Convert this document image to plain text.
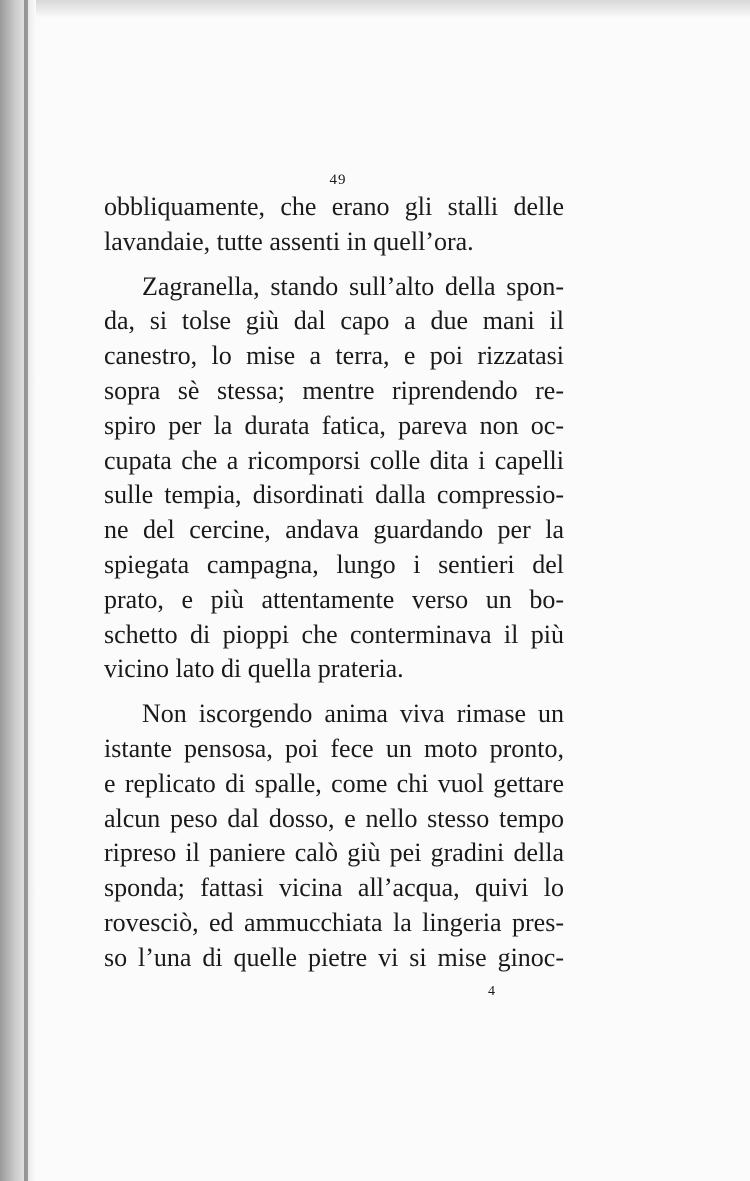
49
obbliquamente, che erano gli stalli delle
lavandaie, tutte assenti in quell’ora.
Zagranella, stando sull’alto della spon-
da, si tolse giù dal capo a due mani il
canestro, lo mise a terra, e poi rizzatasi
sopra sè stessa; mentre riprendendo re-
spiro per la durata fatica, pareva non oc-
cupata che a ricomporsi colle dita i capelli
sulle tempia, disordinati dalla compressio-
ne del cercine, andava guardando per la
spiegata campagna, lungo i sentieri del
prato, e più attentamente verso un bo-
schetto di pioppi che conterminava il più
vicino lato di quella prateria.
Non iscorgendo anima viva rimase un
istante pensosa, poi fece un moto pronto,
e replicato di spalle, come chi vuol gettare
alcun peso dal dosso, e nello stesso tempo
ripreso il paniere calò giù pei gradini della
sponda; fattasi vicina all’acqua, quivi lo
rovesciò, ed ammucchiata la lingeria pres-
so l’una di quelle pietre vi si mise ginoc-
4
